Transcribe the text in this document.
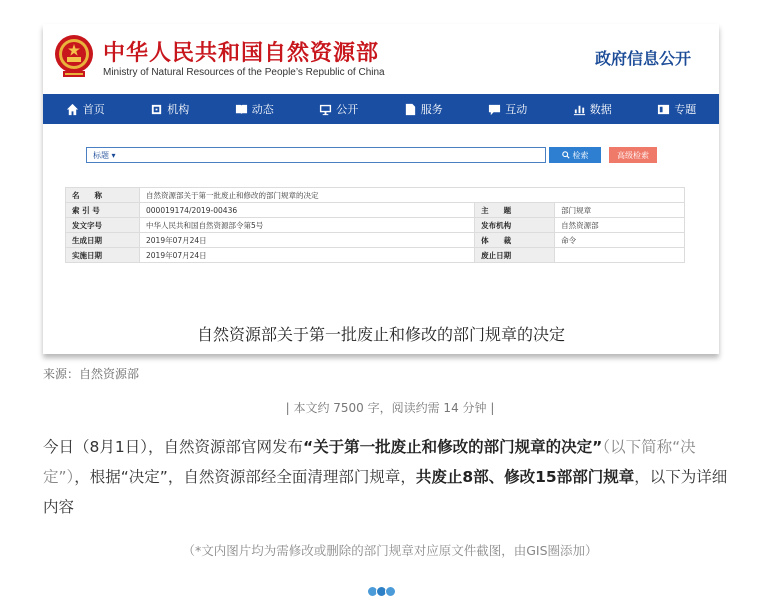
中华人民共和国自然资源部
Ministry of Natural Resources of the People’s Republic of China
政府信息公开
首页	机构	动态	公开	服务	互动	数据	专题
标题 ▾	检索	高级检索
名　　称	自然资源部关于第一批废止和修改的部门规章的决定		
索 引 号	000019174/2019-00436	主　　题	部门规章
发文字号	中华人民共和国自然资源部令第5号	发布机构	自然资源部
生成日期	2019年07月24日	体　　裁	命令
实施日期	2019年07月24日	废止日期	
自然资源部关于第一批废止和修改的部门规章的决定
来源：自然资源部
| 本文约 7500 字，阅读约需 14 分钟 |

今日（8月1日），自然资源部官网发布“关于第一批废止和修改的部门规章的决定”（以下简称“决定”），根据“决定”，自然资源部经全面清理部门规章，共废止8部、修改15部部门规章，以下为详细内容

（*文内图片均为需修改或删除的部门规章对应原文件截图，由GIS圈添加）
